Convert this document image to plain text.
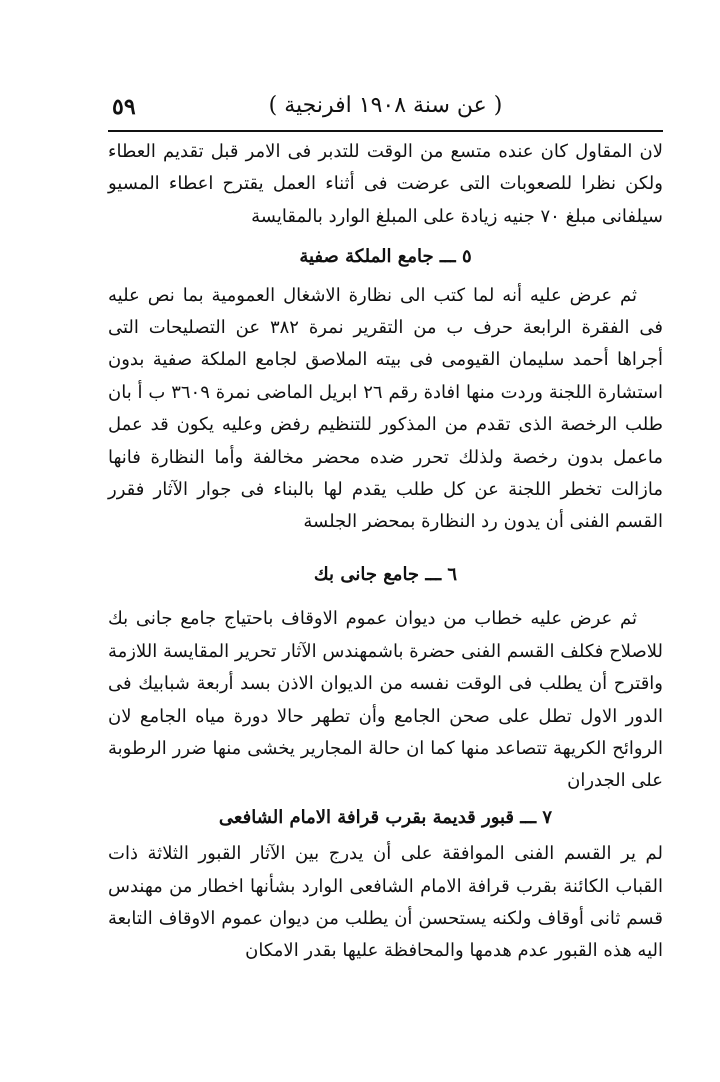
( عن سنة ١٩٠٨ افرنجية )
٥٩

لان المقاول كان عنده متسع من الوقت للتدبر فى الامر قبل تقديم العطاء ولكن نظرا للصعوبات التى عرضت فى أثناء العمل يقترح اعطاء المسيو سيلفانى مبلغ ٧٠ جنيه زيادة على المبلغ الوارد بالمقايسة

٥ ـــ جامع الملكة صفية

ثم عرض عليه أنه لما كتب الى نظارة الاشغال العمومية بما نص عليه فى الفقرة الرابعة حرف ب من التقرير نمرة ٣٨٢ عن التصليحات التى أجراها أحمد سليمان القيومى فى بيته الملاصق لجامع الملكة صفية بدون استشارة اللجنة وردت منها افادة رقم ٢٦ ابريل الماضى نمرة ٣٦٠٩ ب أ بان طلب الرخصة الذى تقدم من المذكور للتنظيم رفض وعليه يكون قد عمل ماعمل بدون رخصة ولذلك تحرر ضده محضر مخالفة وأما النظارة فانها مازالت تخطر اللجنة عن كل طلب يقدم لها بالبناء فى جوار الآثار فقرر القسم الفنى أن يدون رد النظارة بمحضر الجلسة

٦ ـــ جامع جانى بك

ثم عرض عليه خطاب من ديوان عموم الاوقاف باحتياج جامع جانى بك للاصلاح فكلف القسم الفنى حضرة باشمهندس الآثار تحرير المقايسة اللازمة واقترح أن يطلب فى الوقت نفسه من الديوان الاذن بسد أربعة شبابيك فى الدور الاول تطل على صحن الجامع وأن تطهر حالا دورة مياه الجامع لان الروائح الكريهة تتصاعد منها كما ان حالة المجارير يخشى منها ضرر الرطوبة على الجدران

٧ ـــ قبور قديمة بقرب قرافة الامام الشافعى

لم ير القسم الفنى الموافقة على أن يدرج بين الآثار القبور الثلاثة ذات القباب الكائنة بقرب قرافة الامام الشافعى الوارد بشأنها اخطار من مهندس قسم ثانى أوقاف ولكنه يستحسن أن يطلب من ديوان عموم الاوقاف التابعة اليه هذه القبور عدم هدمها والمحافظة عليها بقدر الامكان
